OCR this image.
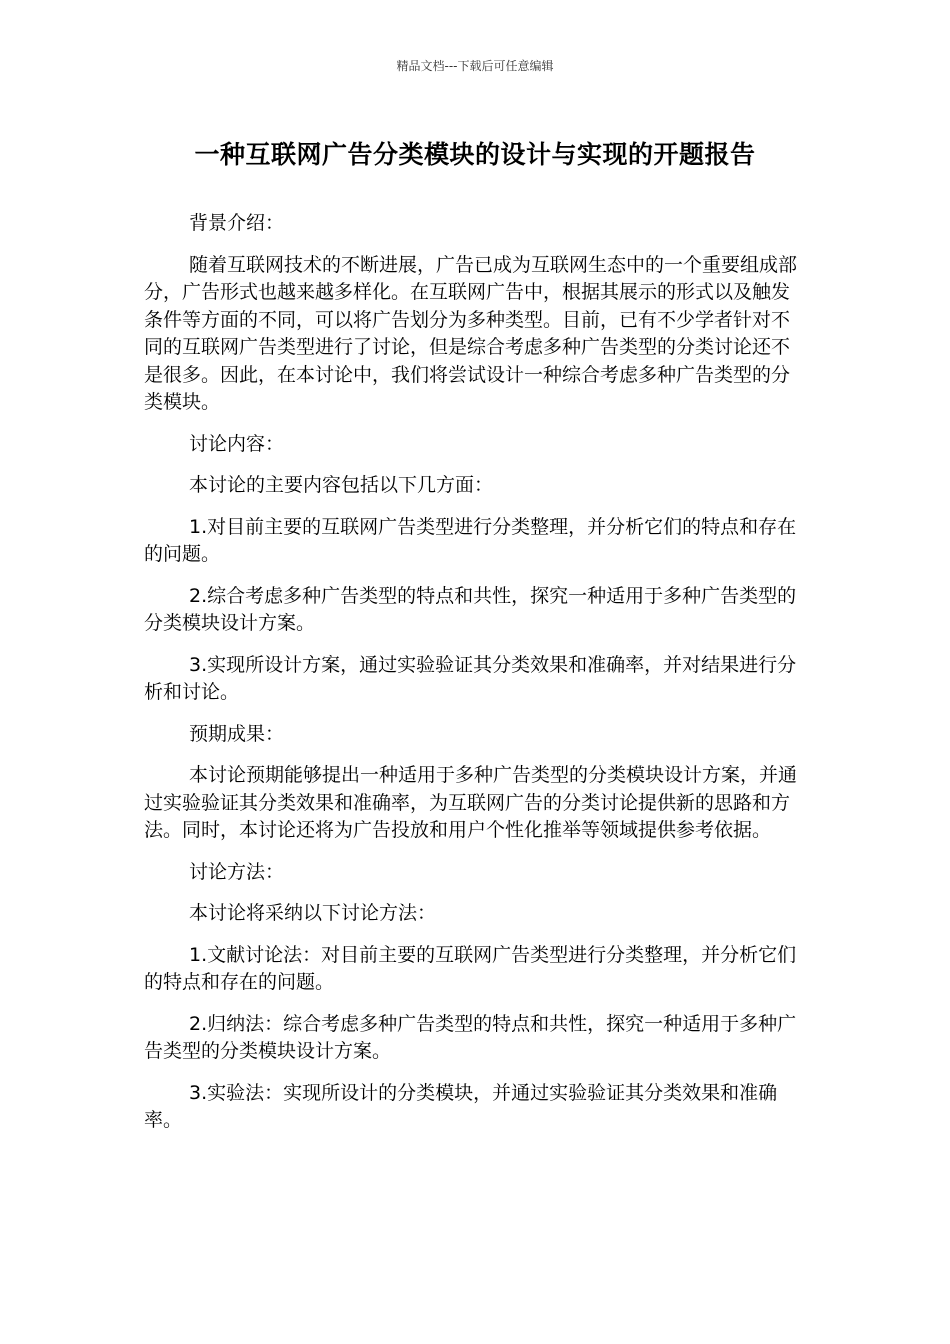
精品文档---下载后可任意编辑
一种互联网广告分类模块的设计与实现的开题报告

背景介绍：

随着互联网技术的不断进展，广告已成为互联网生态中的一个重要组成部分，广告形式也越来越多样化。在互联网广告中，根据其展示的形式以及触发条件等方面的不同，可以将广告划分为多种类型。目前，已有不少学者针对不同的互联网广告类型进行了讨论，但是综合考虑多种广告类型的分类讨论还不是很多。因此，在本讨论中，我们将尝试设计一种综合考虑多种广告类型的分类模块。

讨论内容：

本讨论的主要内容包括以下几方面：

1.对目前主要的互联网广告类型进行分类整理，并分析它们的特点和存在的问题。

2.综合考虑多种广告类型的特点和共性，探究一种适用于多种广告类型的分类模块设计方案。

3.实现所设计方案，通过实验验证其分类效果和准确率，并对结果进行分析和讨论。

预期成果：

本讨论预期能够提出一种适用于多种广告类型的分类模块设计方案，并通过实验验证其分类效果和准确率，为互联网广告的分类讨论提供新的思路和方法。同时，本讨论还将为广告投放和用户个性化推举等领域提供参考依据。

讨论方法：

本讨论将采纳以下讨论方法：

1.文献讨论法：对目前主要的互联网广告类型进行分类整理，并分析它们的特点和存在的问题。

2.归纳法：综合考虑多种广告类型的特点和共性，探究一种适用于多种广告类型的分类模块设计方案。

3.实验法：实现所设计的分类模块，并通过实验验证其分类效果和准确率。
